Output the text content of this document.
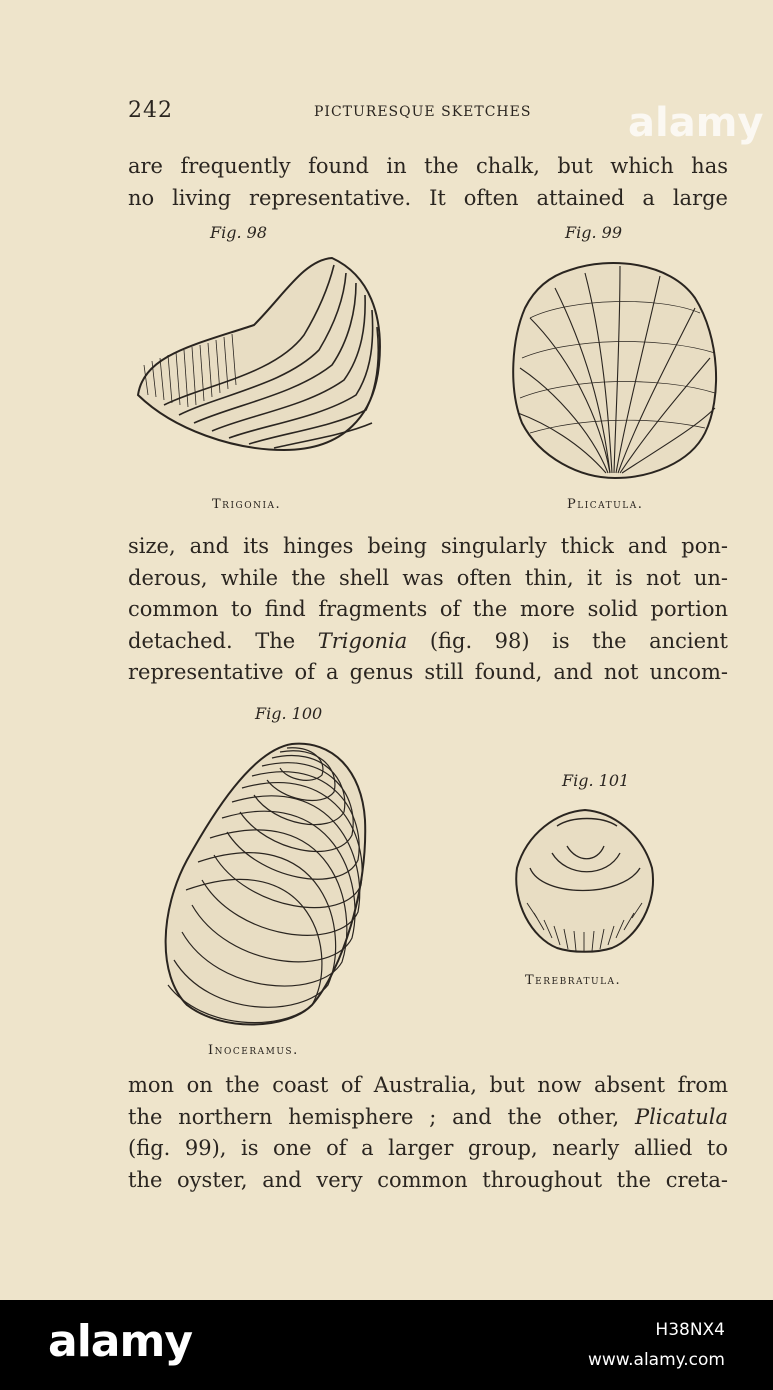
242	PICTURESQUE SKETCHES alamy
are frequently found in the chalk, but which has
no living representative. It often attained a large
Fig. 98
Trigonia.
Fig. 99
Plicatula.
size, and its hinges being singularly thick and pon-
derous, while the shell was often thin, it is not un-
common to find fragments of the more solid portion
detached. The Trigonia (fig. 98) is the ancient
representative of a genus still found, and not uncom-
Fig. 100
Inoceramus.
Fig. 101
Terebratula.
mon on the coast of Australia, but now absent from
the northern hemisphere ; and the other, Plicatula
(fig. 99), is one of a larger group, nearly allied to
the oyster, and very common throughout the creta-
alamy	H38NX4
www.alamy.com
